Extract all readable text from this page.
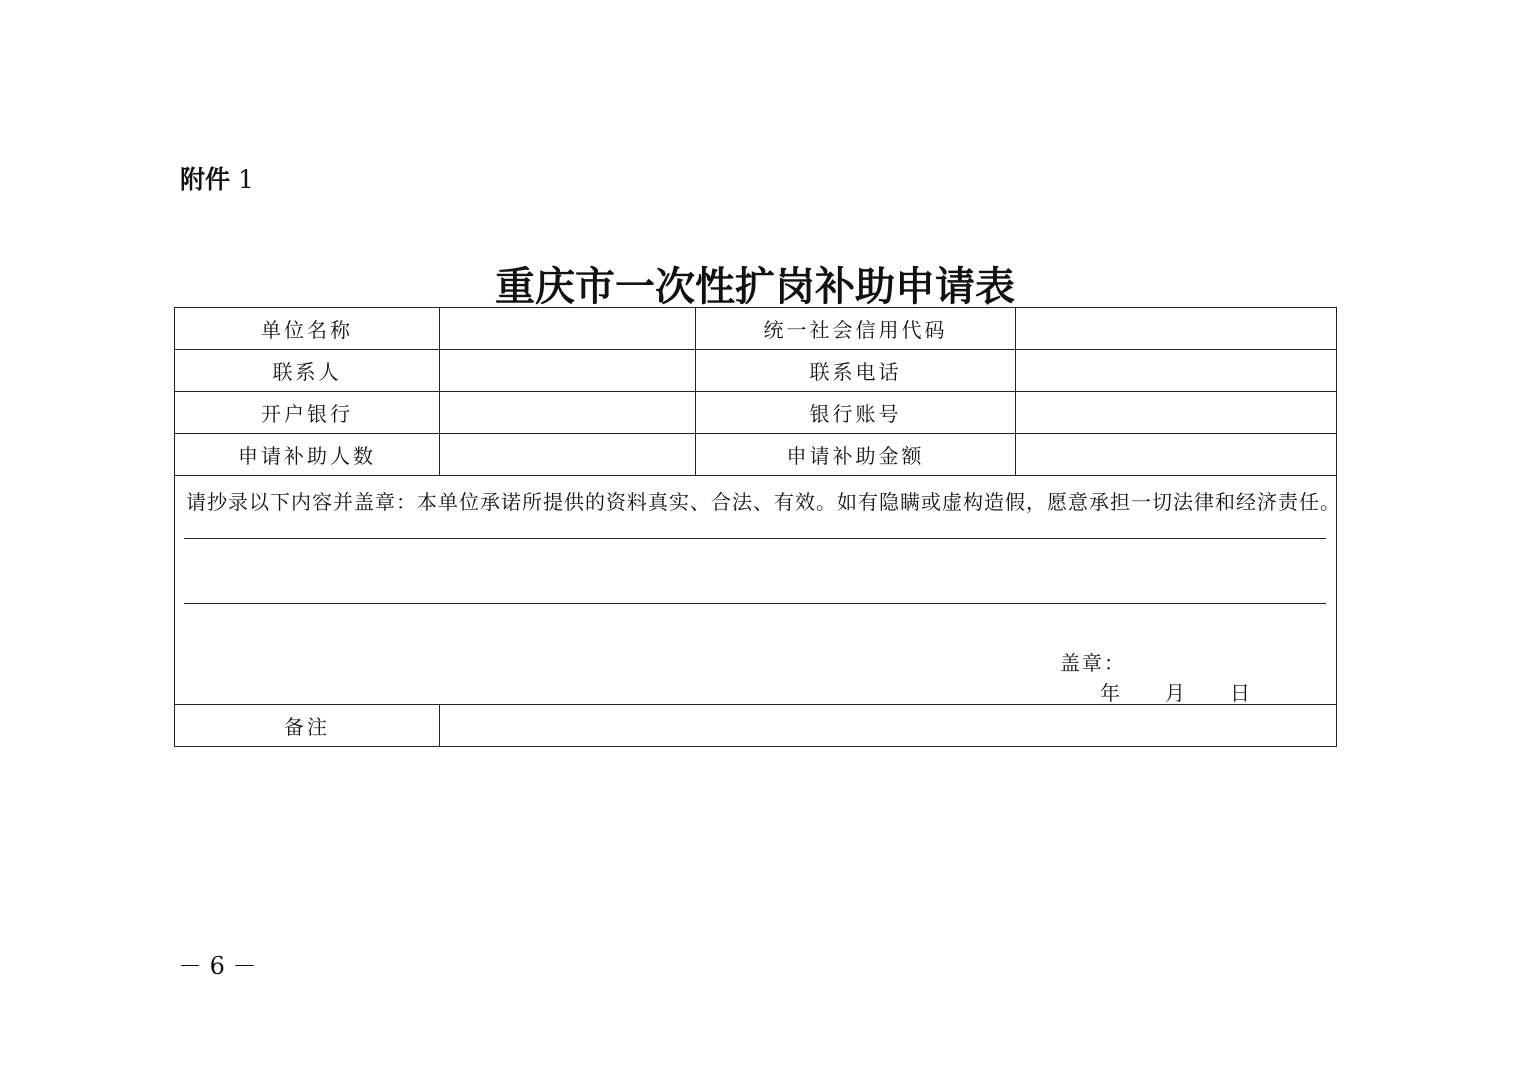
附件 1
重庆市一次性扩岗补助申请表
单位名称		统一社会信用代码	
联系人		联系电话	
开户银行		银行账号	
申请补助人数		申请补助金额	

请抄录以下内容并盖章：本单位承诺所提供的资料真实、合法、有效。如有隐瞒或虚构造假，愿意承担一切法律和经济责任。
盖章：
年 月 日			

备注			
－ 6 －
